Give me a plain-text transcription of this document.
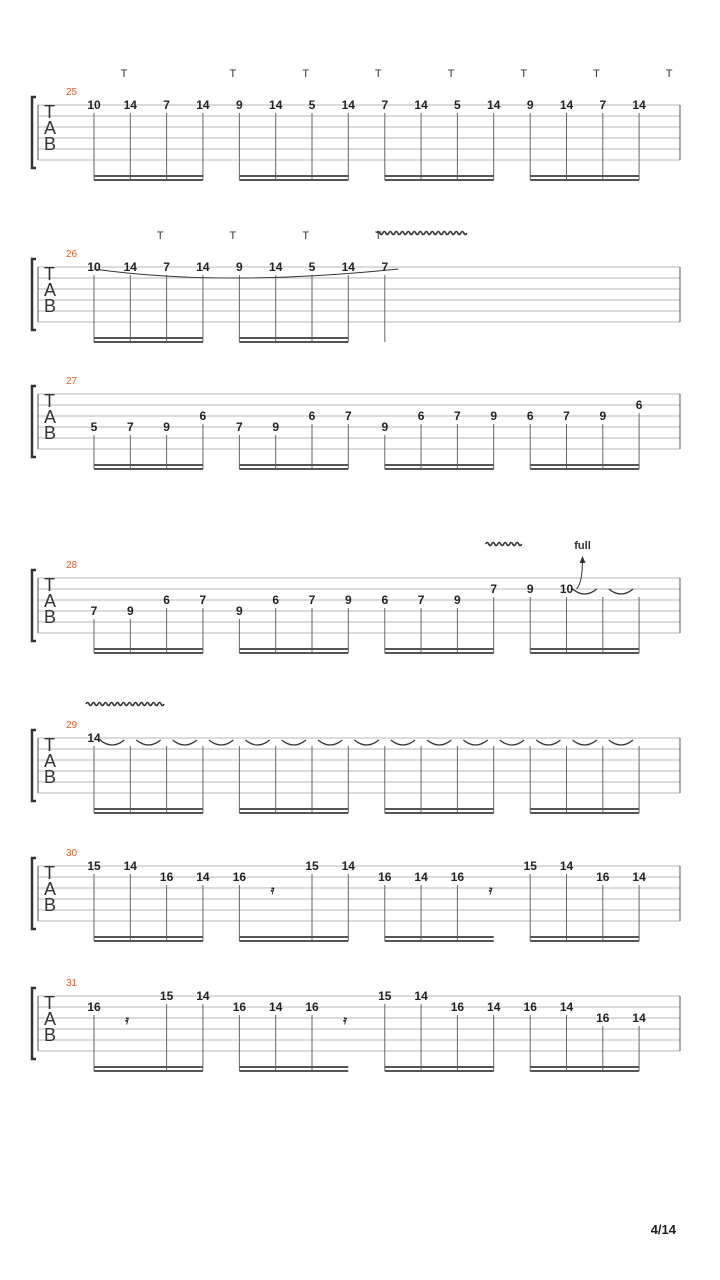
T
A
B
25
10
T
14 7 14
T
9 14
T
5 14
T
7 14
T
5 14
T
9 14
T
7 14
T
T
A
B
26
10 14
T
7 14
T
9 14
T
5 14
T
7
T
A
B
27
5 7 9
6
7 9
6 7
9
6 7 9 6 7 9
6
T
A
B
28
7 9
6 7
9
6 7 9 6 7 9
7 9 10
full
T
A
B
29
14
T
A
B
30
15 14
16 14 16
𝄿
15 14
16 14 16
𝄿
15 14
16 14
T
A
B
31
16
𝄿
15 14
16 14 16
𝄿
15 14
16 14 16 14
16 14
4/14
